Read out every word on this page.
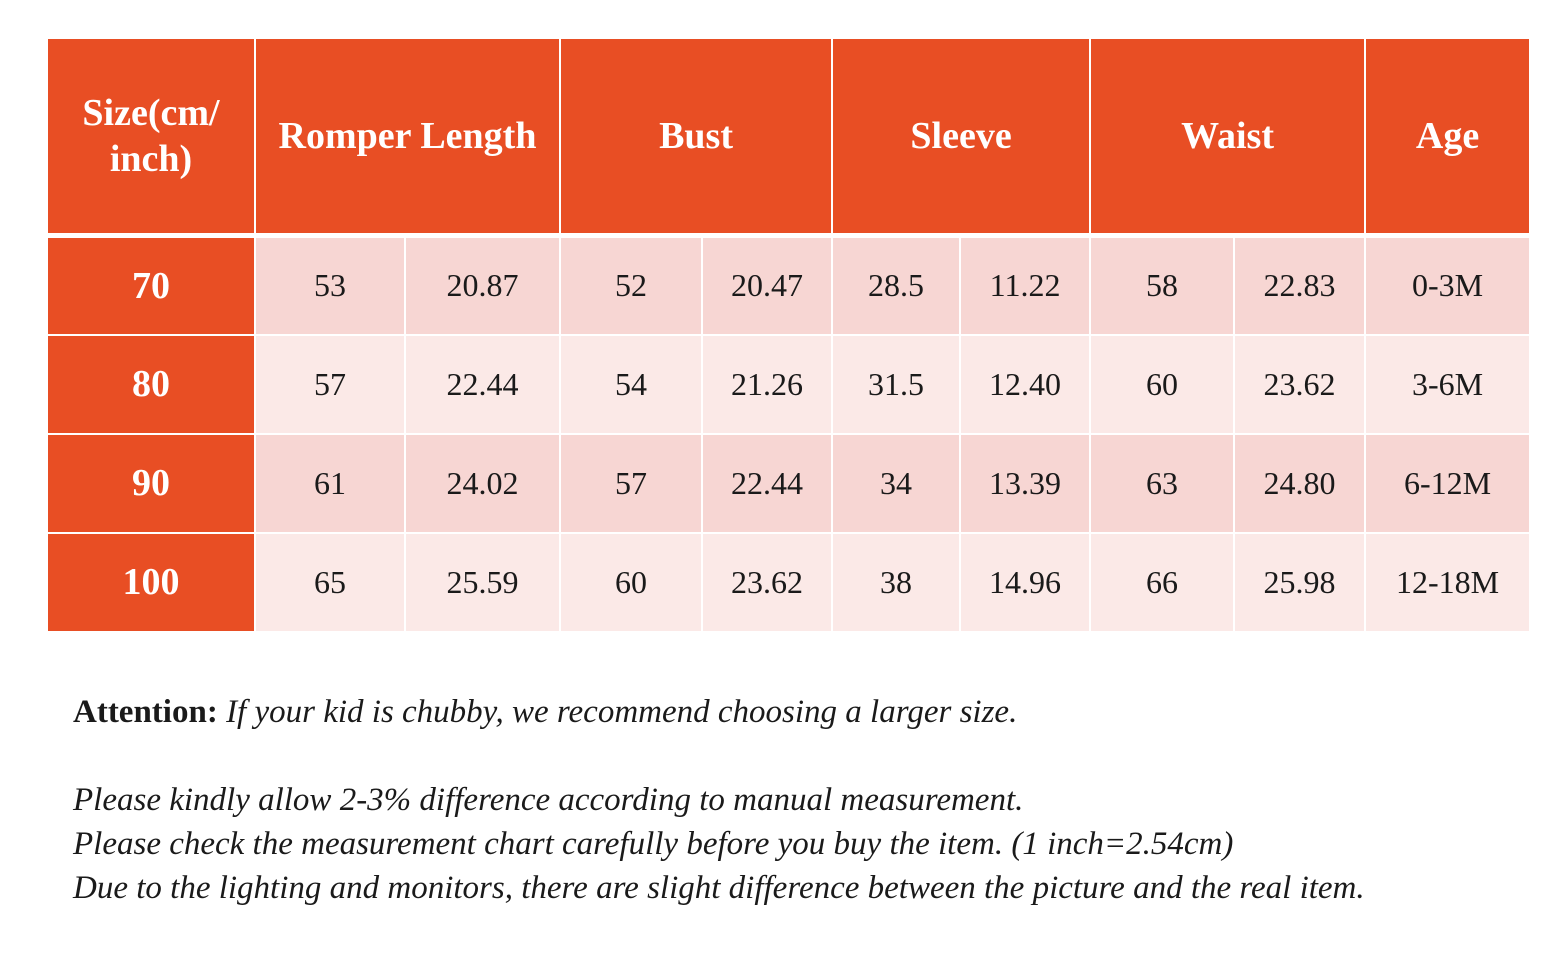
Size(cm/ inch)	Romper Length		Bust		Sleeve		Waist		Age
70	53	20.87	52	20.47	28.5	11.22	58	22.83	0-3M
80	57	22.44	54	21.26	31.5	12.40	60	23.62	3-6M
90	61	24.02	57	22.44	34	13.39	63	24.80	6-12M
100	65	25.59	60	23.62	38	14.96	66	25.98	12-18M

Attention: If your kid is chubby, we recommend choosing a larger size.

Please kindly allow 2-3% difference according to manual measurement.

Please check the measurement chart carefully before you buy the item. (1 inch=2.54cm)

Due to the lighting and monitors, there are slight difference between the picture and the real item.
